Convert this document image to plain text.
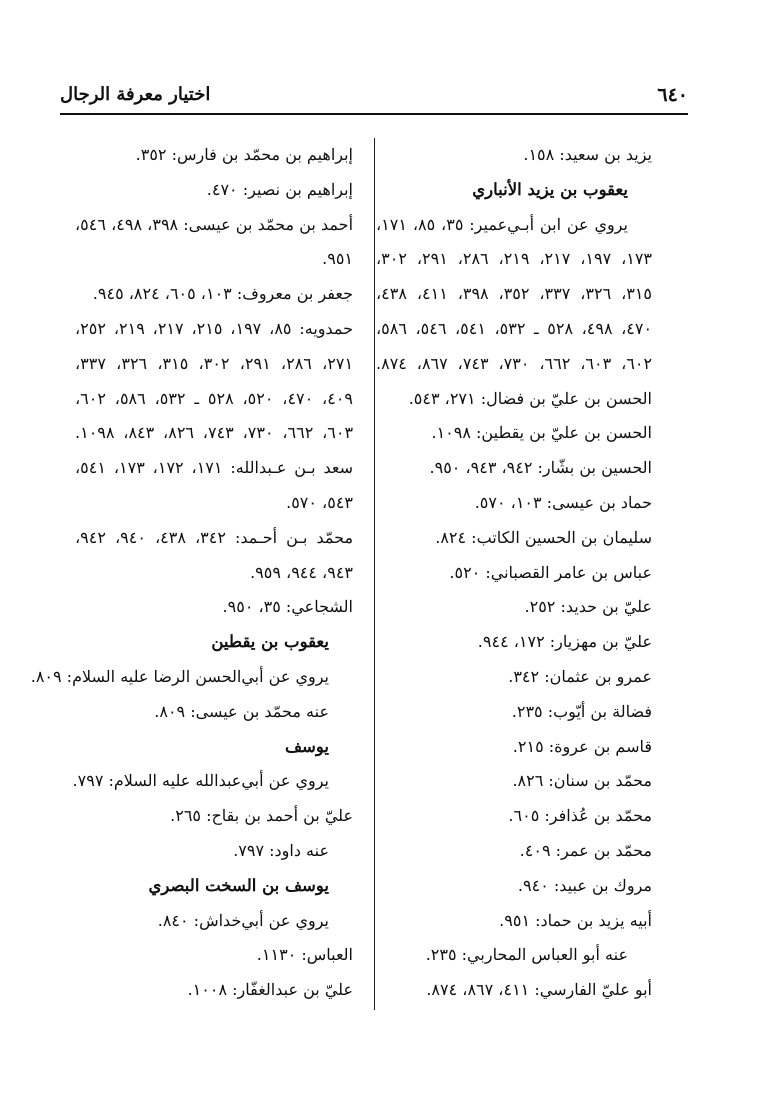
٦٤٠
اختيار معرفة الرجال
يزيد بن سعيد: ١٥٨.
يعقوب بن يزيد الأنباري
يروي عن ابن أبـي‌عمير: ٣٥، ٨٥، ١٧١،
١٧٣، ١٩٧، ٢١٧، ٢١٩، ٢٨٦، ٢٩١، ٣٠٢،
٣١٥، ٣٢٦، ٣٣٧، ٣٥٢، ٣٩٨، ٤١١، ٤٣٨،
٤٧٠، ٤٩٨، ٥٢٨ ـ ٥٣٢، ٥٤١، ٥٤٦، ٥٨٦،
٦٠٢، ٦٠٣، ٦٦٢، ٧٣٠، ٧٤٣، ٨٦٧، ٨٧٤.
الحسن بن عليّ بن فضال: ٢٧١، ٥٤٣.
الحسن بن عليّ بن يقطين: ١٠٩٨.
الحسين بن بشّار: ٩٤٢، ٩٤٣، ٩٥٠.
حماد بن عيسى: ١٠٣، ٥٧٠.
سليمان بن الحسين الكاتب: ٨٢٤.
عباس بن عامر القصباني: ٥٢٠.
عليّ بن حديد: ٢٥٢.
عليّ بن مهزيار: ١٧٢، ٩٤٤.
عمرو بن عثمان: ٣٤٢.
فضالة بن أيّوب: ٢٣٥.
قاسم بن عروة: ٢١٥.
محمّد بن سنان: ٨٢٦.
محمّد بن عُذافر: ٦٠٥.
محمّد بن عمر: ٤٠٩.
مروك بن عبيد: ٩٤٠.
أبيه يزيد بن حماد: ٩٥١.
عنه أبو العباس المحاربي: ٢٣٥.
أبو عليّ الفارسي: ٤١١، ٨٦٧، ٨٧٤.
إبراهيم بن محمّد بن فارس: ٣٥٢.
إبراهيم بن نصير: ٤٧٠.
أحمد بن محمّد بن عيسى: ٣٩٨، ٤٩٨، ٥٤٦،
٩٥١.
جعفر بن معروف: ١٠٣، ٦٠٥، ٨٢٤، ٩٤٥.
حمدويه: ٨٥، ١٩٧، ٢١٥، ٢١٧، ٢١٩، ٢٥٢،
٢٧١، ٢٨٦، ٢٩١، ٣٠٢، ٣١٥، ٣٢٦، ٣٣٧،
٤٠٩، ٤٧٠، ٥٢٠، ٥٢٨ ـ ٥٣٢، ٥٨٦، ٦٠٢،
٦٠٣، ٦٦٢، ٧٣٠، ٧٤٣، ٨٢٦، ٨٤٣، ١٠٩٨.
سعد بـن عـبدالله: ١٧١، ١٧٢، ١٧٣، ٥٤١،
٥٤٣، ٥٧٠.
محمّد بـن أحـمد: ٣٤٢، ٤٣٨، ٩٤٠، ٩٤٢،
٩٤٣، ٩٤٤، ٩٥٩.
الشجاعي: ٣٥، ٩٥٠.
يعقوب بن يقطين
يروي عن أبي‌الحسن الرضا عليه السلام: ٨٠٩.
عنه محمّد بن عيسى: ٨٠٩.
يوسف
يروي عن أبي‌عبدالله عليه السلام: ٧٩٧.
عليّ بن أحمد بن بقاح: ٢٦٥.
عنه داود: ٧٩٧.
يوسف بن السخت البصري
يروي عن أبي‌خداش: ٨٤٠.
العباس: ١١٣٠.
عليّ بن عبدالغفّار: ١٠٠٨.
